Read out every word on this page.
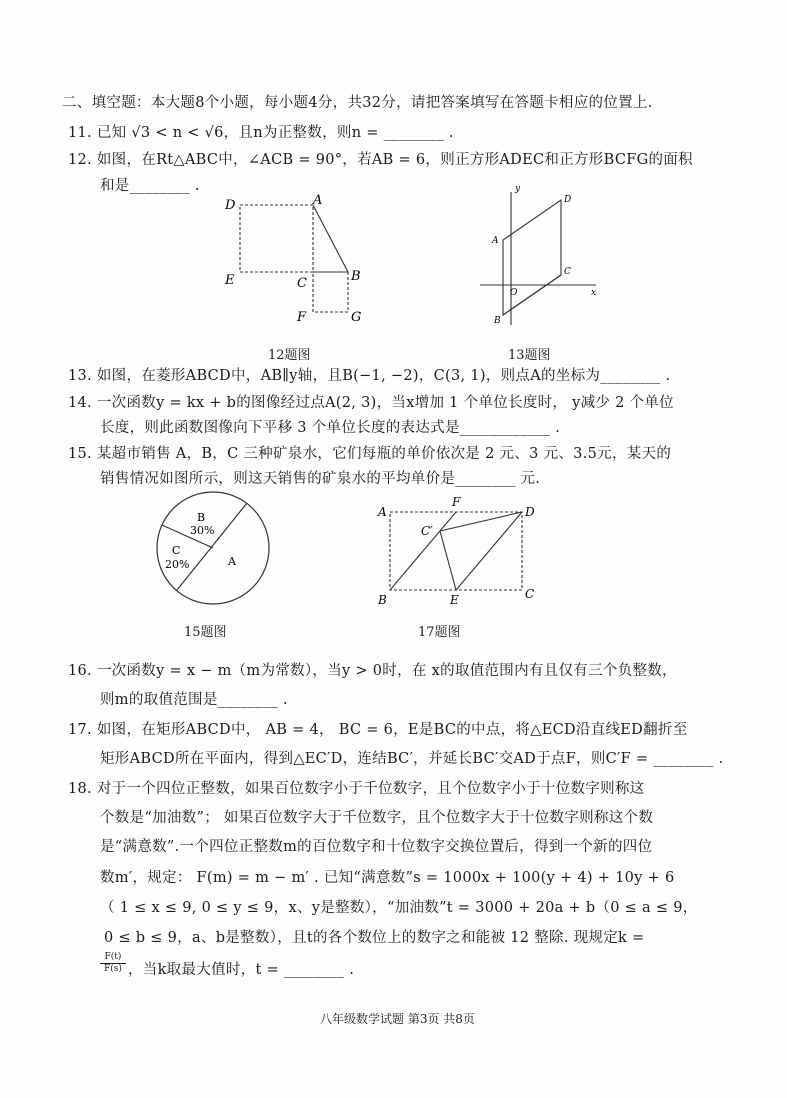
二、填空题：本大题8个小题，每小题4分，共32分，请把答案填写在答题卡相应的位置上.
11. 已知 √3 < n < √6，且n为正整数，则n = ________ .
12. 如图，在Rt△ABC中，∠ACB = 90°，若AB = 6，则正方形ADEC和正方形BCFG的面积
和是________ .
D	A
E	C	B
F	G
12题图
y
D
A
C
O	x
B
13题图
13. 如图，在菱形ABCD中，AB∥y轴，且B(−1, −2)，C(3, 1)，则点A的坐标为________ .
14. 一次函数y = kx + b的图像经过点A(2, 3)，当x增加 1 个单位长度时， y减少 2 个单位
长度，则此函数图像向下平移 3 个单位长度的表达式是____________ .
15. 某超市销售 A，B，C 三种矿泉水，它们每瓶的单价依次是 2 元、3 元、3.5元，某天的
销售情况如图所示，则这天销售的矿泉水的平均单价是________ 元.
B
30%
C
20%	A
15题图
A
F
D
C′
B	E	C
17题图
16. 一次函数y = x − m（m为常数），当y > 0时，在 x的取值范围内有且仅有三个负整数，
则m的取值范围是________ .
17. 如图，在矩形ABCD中， AB = 4， BC = 6，E是BC的中点，将△ECD沿直线ED翻折至
矩形ABCD所在平面内，得到△EC′D，连结BC′，并延长BC′交AD于点F，则C′F = ________ .
18. 对于一个四位正整数，如果百位数字小于千位数字，且个位数字小于十位数字则称这
个数是“加油数”； 如果百位数字大于千位数字，且个位数字大于十位数字则称这个数
是“满意数”.一个四位正整数m的百位数字和十位数字交换位置后，得到一个新的四位
数m′，规定： F(m) = m − m′ . 已知“满意数”s = 1000x + 100(y + 4) + 10y + 6
（ 1 ≤ x ≤ 9, 0 ≤ y ≤ 9，x、y是整数），“加油数”t = 3000 + 20a + b（0 ≤ a ≤ 9，
0 ≤ b ≤ 9，a、b是整数），且t的各个数位上的数字之和能被 12 整除. 现规定k =
$\frac{F(t)}{F(s)}$ ，当k取最大值时，t = ________ .
八年级数学试题 第3页 共8页
